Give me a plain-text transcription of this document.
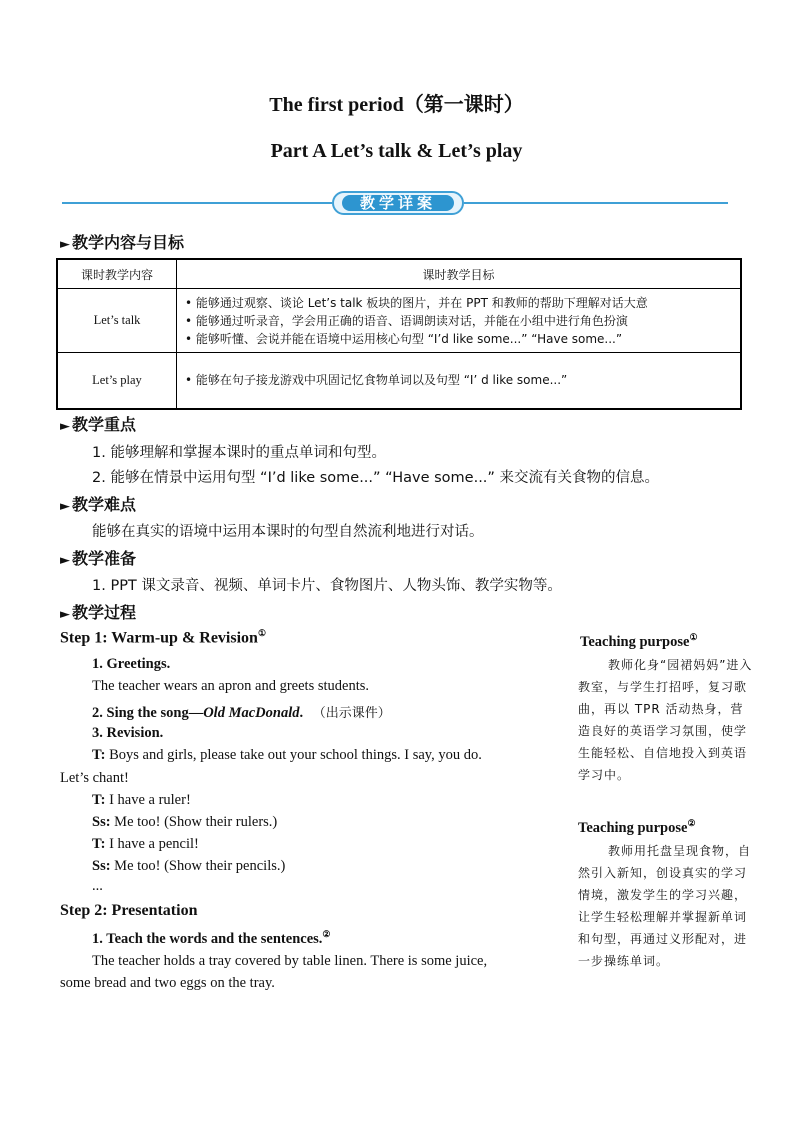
The first period（第一课时）
Part A Let’s talk & Let’s play
教学详案
► 教学内容与目标
课时教学内容	课时教学目标
Let’s talk	• 能够通过观察、谈论 Let’s talk 板块的图片，并在 PPT 和教师的帮助下理解对话大意
• 能够通过听录音，学会用正确的语音、语调朗读对话，并能在小组中进行角色扮演
• 能够听懂、会说并能在语境中运用核心句型 “I’d like some...” “Have some...”

Let’s play	• 能够在句子接龙游戏中巩固记忆食物单词以及句型 “I’ d like some...”
► 教学重点
1. 能够理解和掌握本课时的重点单词和句型。
2. 能够在情景中运用句型 “I’d like some...” “Have some...” 来交流有关食物的信息。
► 教学难点
能够在真实的语境中运用本课时的句型自然流利地进行对话。
► 教学准备
1. PPT 课文录音、视频、单词卡片、食物图片、人物头饰、教学实物等。
► 教学过程
Step 1: Warm-up & Revision①
1. Greetings.
The teacher wears an apron and greets students.
2. Sing the song—Old MacDonald. （出示课件）
3. Revision.
T: Boys and girls, please take out your school things. I say, you do.
Let’s chant!
T: I have a ruler!
Ss: Me too! (Show their rulers.)
T: I have a pencil!
Ss: Me too! (Show their pencils.)
...
Step 2: Presentation
1. Teach the words and the sentences.②
The teacher holds a tray covered by table linen. There is some juice,
some bread and two eggs on the tray.
Teaching purpose①
教师化身“园裙妈妈”进入教室，与学生打招呼，复习歌曲，再以 TPR 活动热身，营造良好的英语学习氛围，使学生能轻松、自信地投入到英语学习中。
Teaching purpose②
教师用托盘呈现食物，自然引入新知，创设真实的学习情境，激发学生的学习兴趣，让学生轻松理解并掌握新单词和句型，再通过义形配对，进一步操练单词。
